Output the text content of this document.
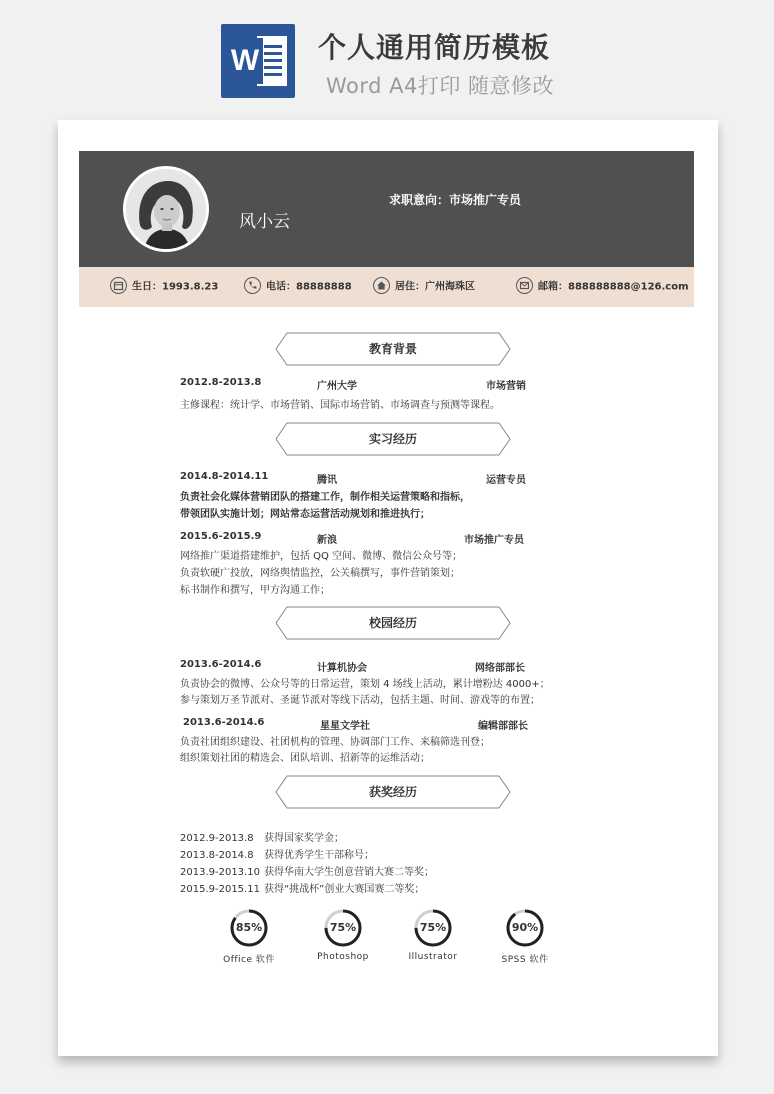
W 个人通用简历模板
Word A4打印 随意修改
风小云
求职意向：市场推广专员
生日：1993.8.23	电话：88888888	居住：广州海珠区	邮箱：888888888@126.com
教育背景
2012.8-2013.8	广州大学	市场营销
主修课程：统计学、市场营销、国际市场营销、市场调查与预测等课程。
实习经历
2014.8-2014.11	腾讯	运营专员
负责社会化媒体营销团队的搭建工作，制作相关运营策略和指标，
带领团队实施计划；网站常态运营活动规划和推进执行；
2015.6-2015.9	新浪	市场推广专员
网络推广渠道搭建维护，包括 QQ 空间、微博、微信公众号等；
负责软硬广投放，网络舆情监控，公关稿撰写，事件营销策划；
标书制作和撰写，甲方沟通工作；
校园经历
2013.6-2014.6	计算机协会	网络部部长
负责协会的微博、公众号等的日常运营，策划 4 场线上活动，累计增粉达 4000+；
参与策划万圣节派对、圣诞节派对等线下活动，包括主题、时间、游戏等的布置；
2013.6-2014.6	星星文学社	编辑部部长
负责社团组织建设、社团机构的管理、协调部门工作、来稿筛选刊登；
组织策划社团的精选会、团队培训、招新等的运维活动；
获奖经历
2012.9-2013.8 获得国家奖学金；
2013.8-2014.8 获得优秀学生干部称号；
2013.9-2013.10 获得华南大学生创意营销大赛二等奖；
2015.9-2015.11 获得“挑战杯”创业大赛国赛二等奖；
85%
Office 软件
75%
Photoshop
75%
Illustrator
90%
SPSS 软件
